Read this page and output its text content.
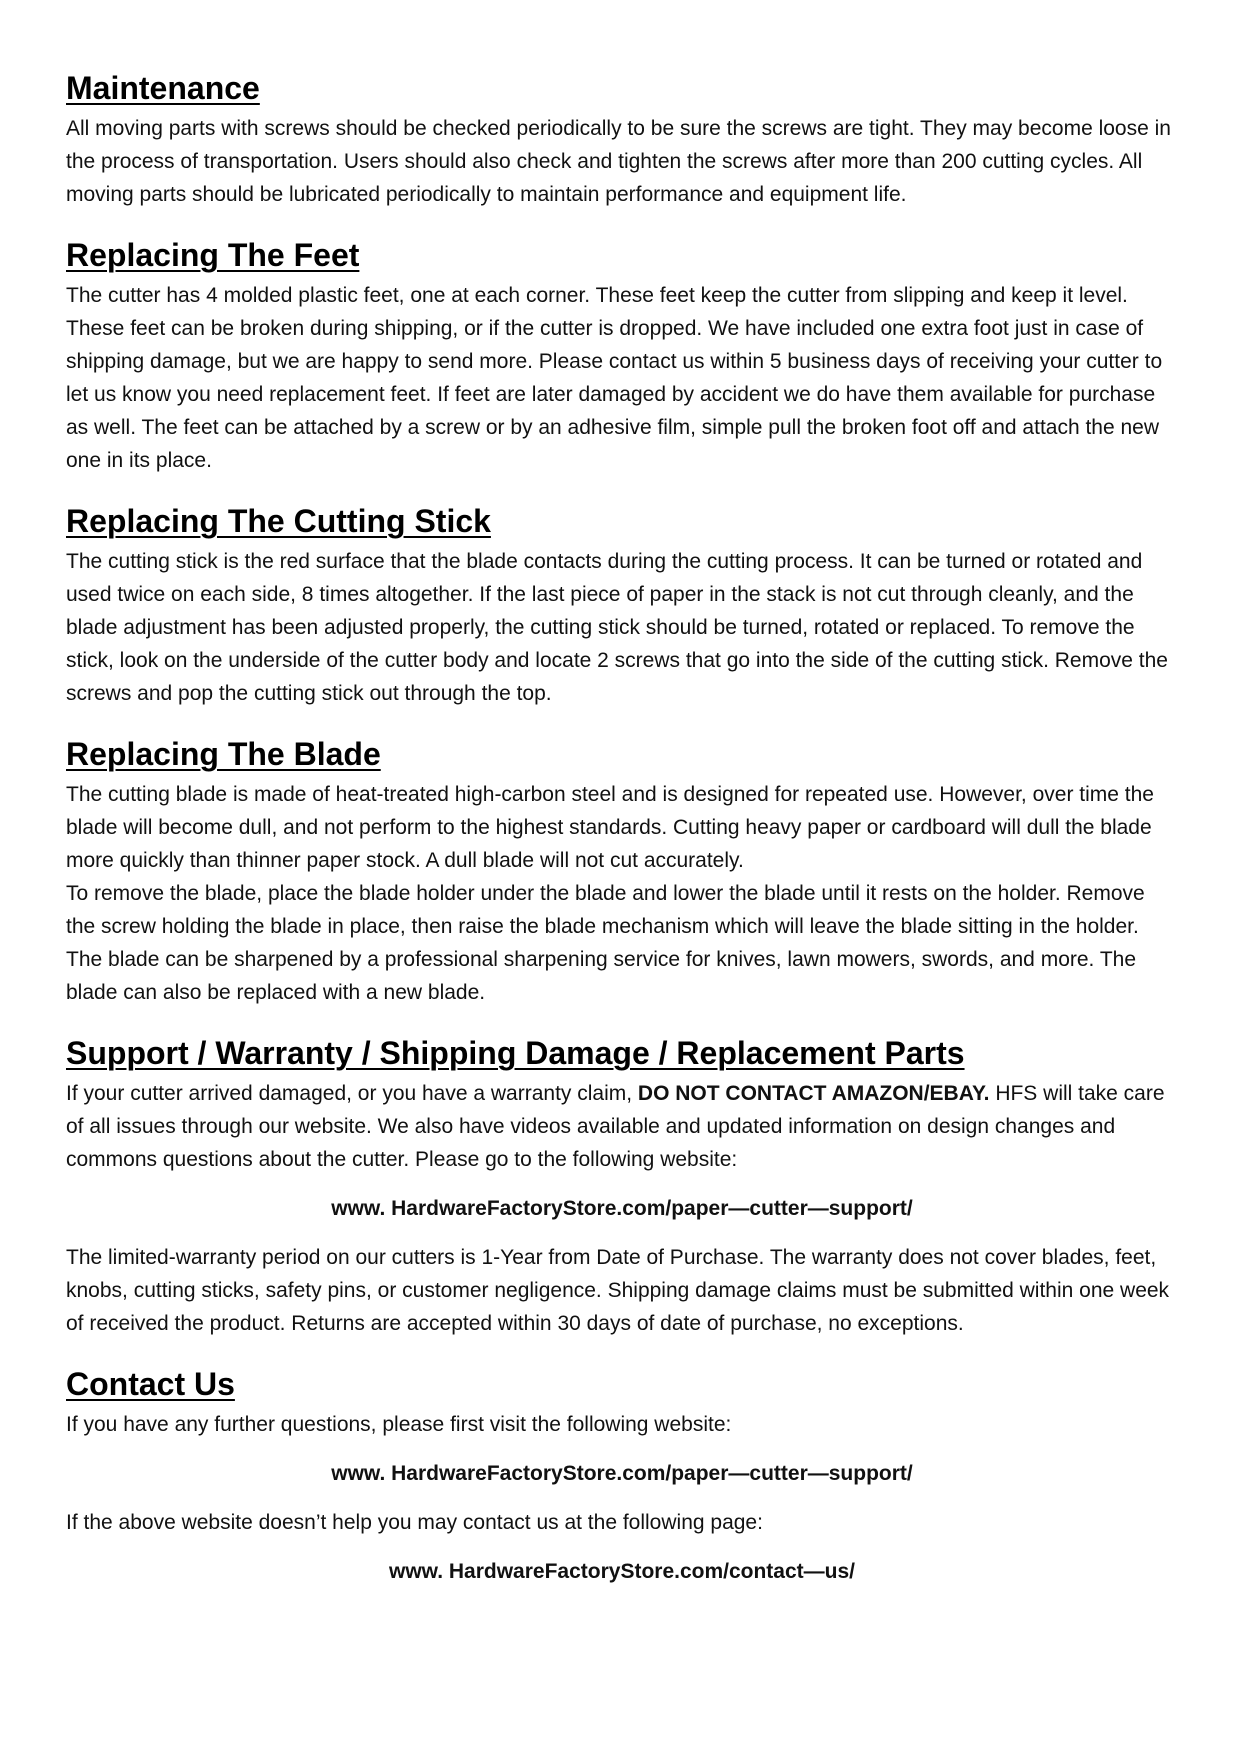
Maintenance

All moving parts with screws should be checked periodically to be sure the screws are tight. They may become loose in the process of transportation. Users should also check and tighten the screws after more than 200 cutting cycles. All moving parts should be lubricated periodically to maintain performance and equipment life.

Replacing The Feet

The cutter has 4 molded plastic feet, one at each corner. These feet keep the cutter from slipping and keep it level. These feet can be broken during shipping, or if the cutter is dropped. We have included one extra foot just in case of shipping damage, but we are happy to send more. Please contact us within 5 business days of receiving your cutter to let us know you need replacement feet. If feet are later damaged by accident we do have them available for purchase as well. The feet can be attached by a screw or by an adhesive film, simple pull the broken foot off and attach the new one in its place.

Replacing The Cutting Stick

The cutting stick is the red surface that the blade contacts during the cutting process. It can be turned or rotated and used twice on each side, 8 times altogether. If the last piece of paper in the stack is not cut through cleanly, and the blade adjustment has been adjusted properly, the cutting stick should be turned, rotated or replaced. To remove the stick, look on the underside of the cutter body and locate 2 screws that go into the side of the cutting stick. Remove the screws and pop the cutting stick out through the top.

Replacing The Blade

The cutting blade is made of heat-treated high-carbon steel and is designed for repeated use. However, over time the blade will become dull, and not perform to the highest standards. Cutting heavy paper or cardboard will dull the blade more quickly than thinner paper stock. A dull blade will not cut accurately.

To remove the blade, place the blade holder under the blade and lower the blade until it rests on the holder. Remove the screw holding the blade in place, then raise the blade mechanism which will leave the blade sitting in the holder.

The blade can be sharpened by a professional sharpening service for knives, lawn mowers, swords, and more. The blade can also be replaced with a new blade.

Support / Warranty / Shipping Damage / Replacement Parts

If your cutter arrived damaged, or you have a warranty claim, DO NOT CONTACT AMAZON/EBAY. HFS will take care of all issues through our website. We also have videos available and updated information on design changes and commons questions about the cutter. Please go to the following website:

www. HardwareFactoryStore.com/paper—cutter—support/

The limited-warranty period on our cutters is 1-Year from Date of Purchase. The warranty does not cover blades, feet, knobs, cutting sticks, safety pins, or customer negligence. Shipping damage claims must be submitted within one week of received the product. Returns are accepted within 30 days of date of purchase, no exceptions.

Contact Us

If you have any further questions, please first visit the following website:

www. HardwareFactoryStore.com/paper—cutter—support/

If the above website doesn’t help you may contact us at the following page:

www. HardwareFactoryStore.com/contact—us/
